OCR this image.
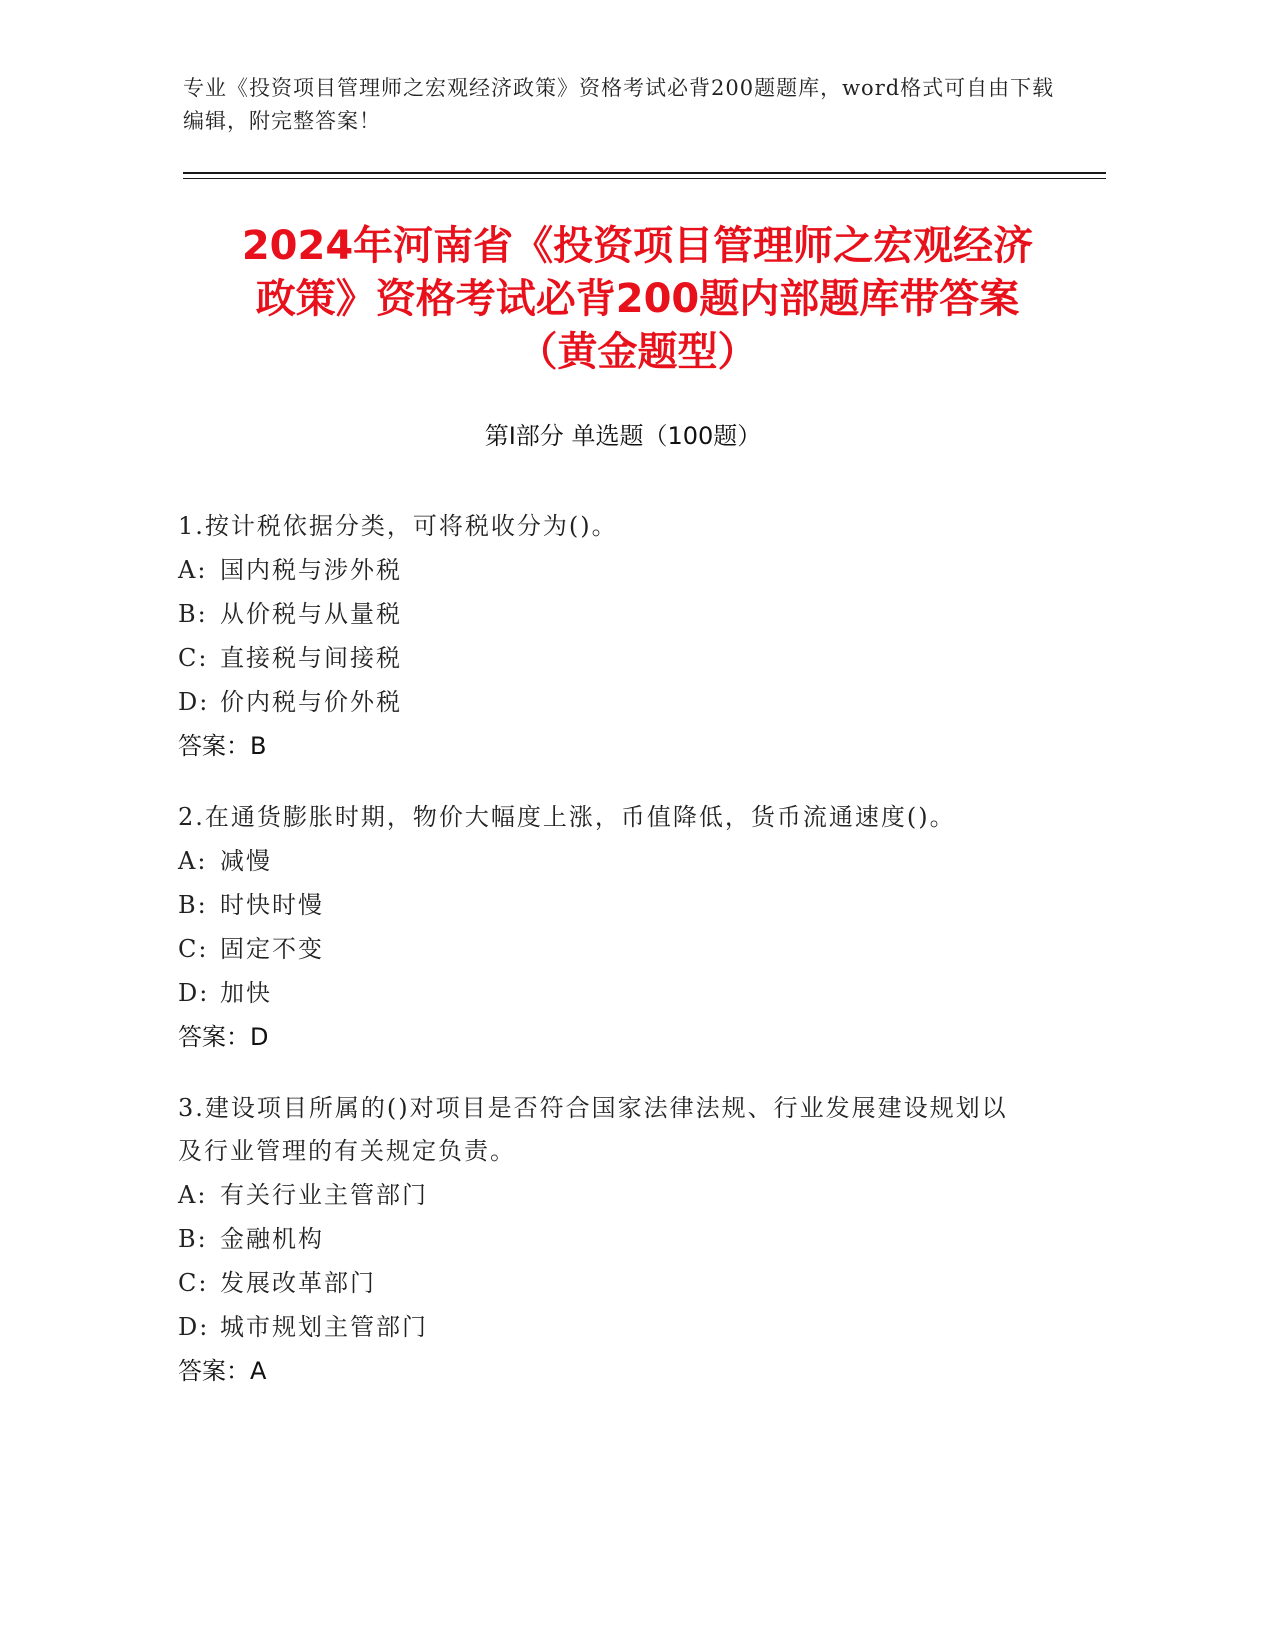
专业《投资项目管理师之宏观经济政策》资格考试必背200题题库，word格式可自由下载编辑，附完整答案！
2024年河南省《投资项目管理师之宏观经济
政策》资格考试必背200题内部题库带答案
（黄金题型）
第Ⅰ部分 单选题（100题）
1.按计税依据分类，可将税收分为()。
A: 国内税与涉外税
B: 从价税与从量税
C: 直接税与间接税
D: 价内税与价外税
答案：B
2.在通货膨胀时期，物价大幅度上涨，币值降低，货币流通速度()。
A: 减慢
B: 时快时慢
C: 固定不变
D: 加快
答案：D
3.建设项目所属的()对项目是否符合国家法律法规、行业发展建设规划以及行业管理的有关规定负责。
A: 有关行业主管部门
B: 金融机构
C: 发展改革部门
D: 城市规划主管部门
答案：A
